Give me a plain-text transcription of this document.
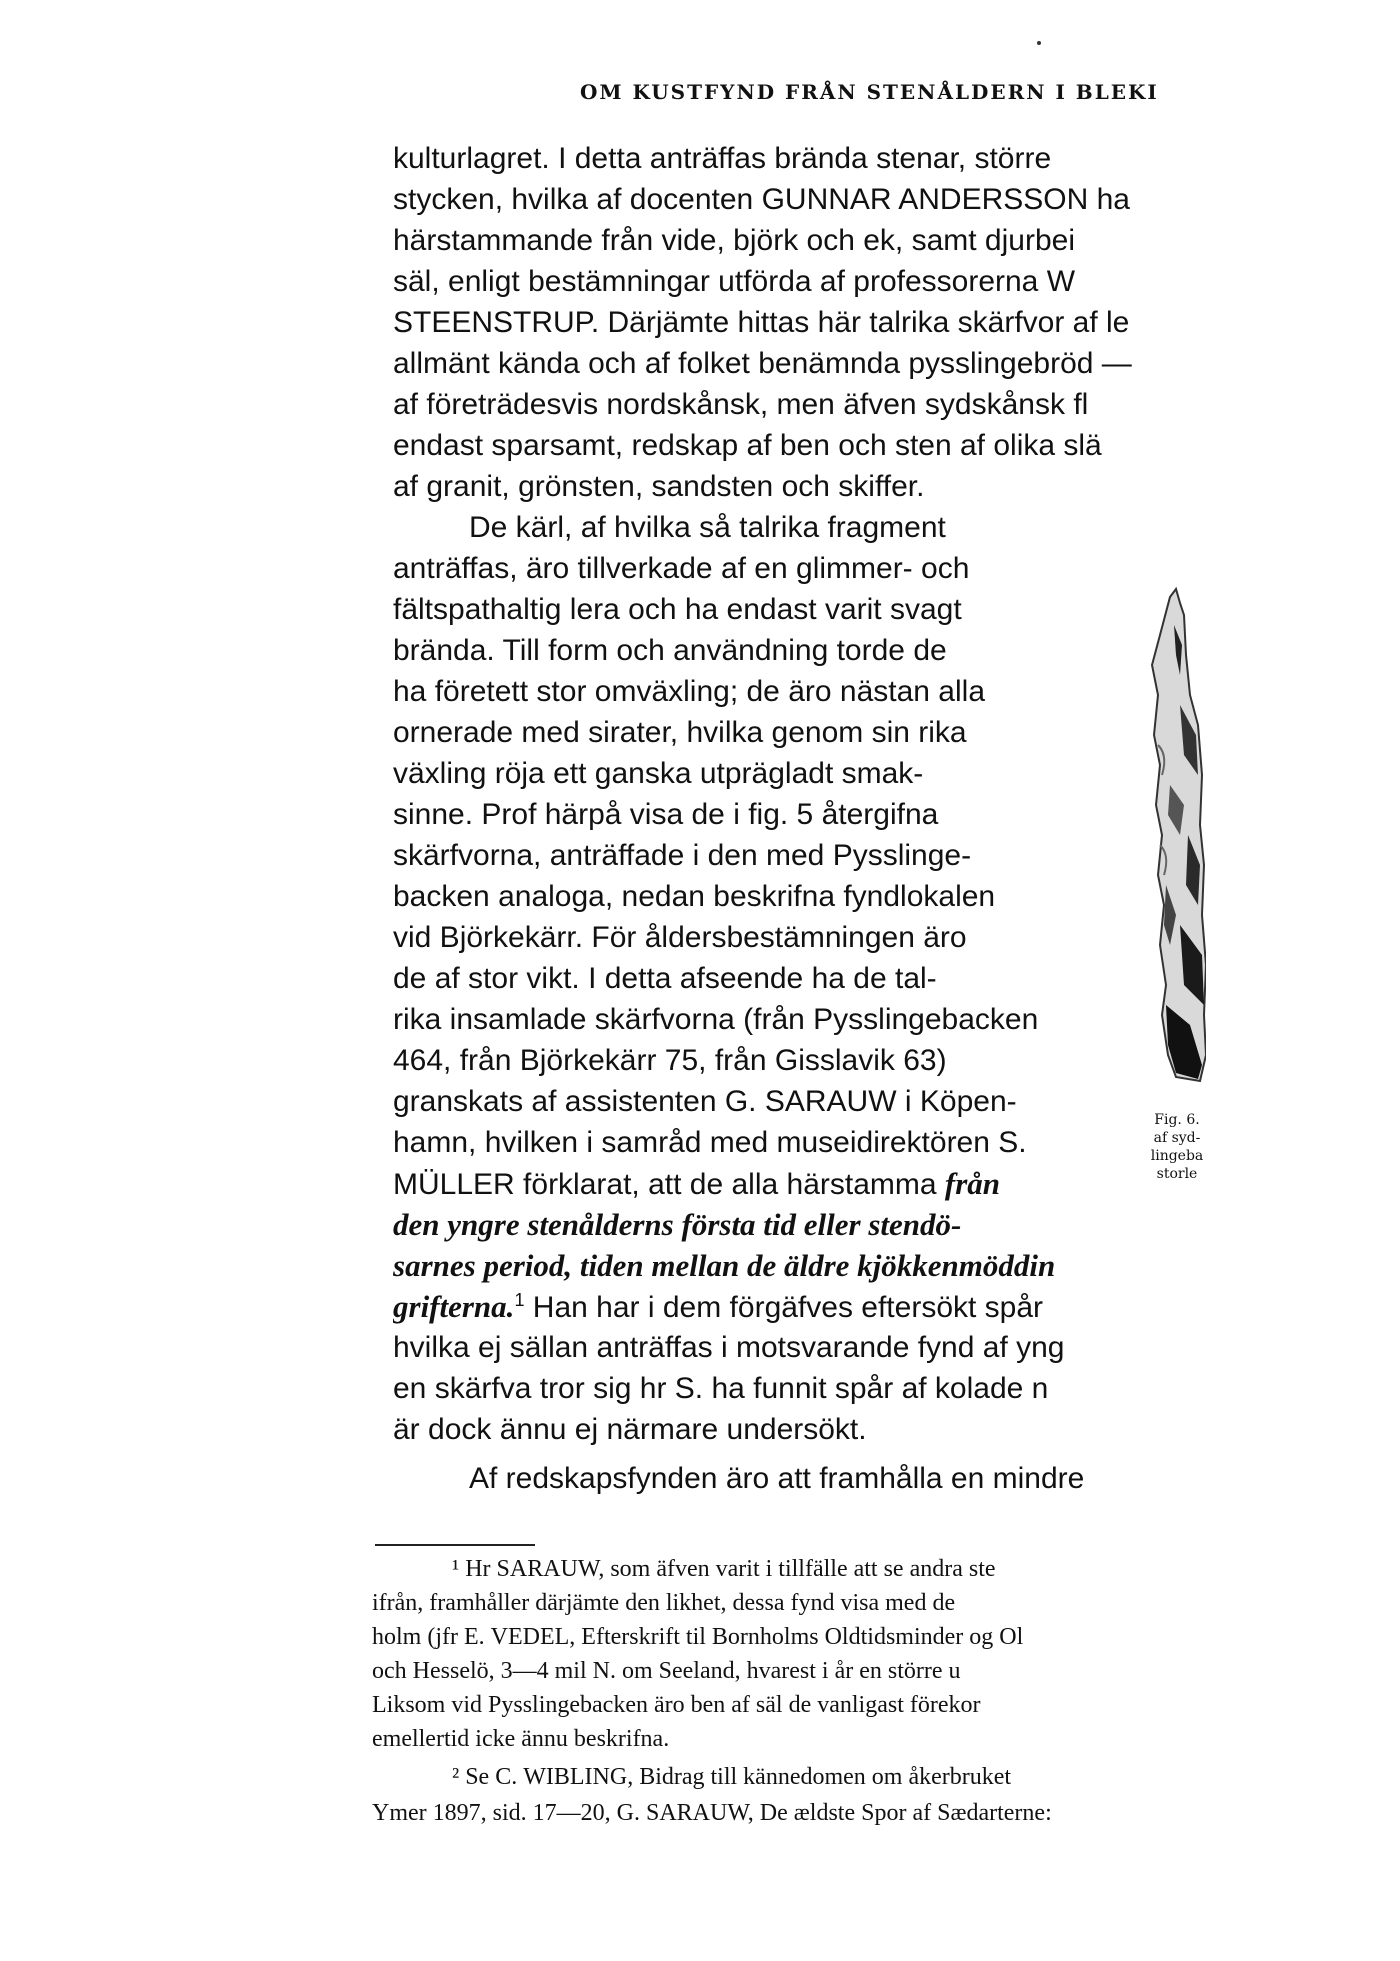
OM KUSTFYND FRÅN STENÅLDERN I BLEKI
kulturlagret. I detta anträffas brända stenar, större
stycken, hvilka af docenten GUNNAR ANDERSSON ha
härstammande från vide, björk och ek, samt djurbei
säl, enligt bestämningar utförda af professorerna W
STEENSTRUP. Därjämte hittas här talrika skärfvor af le
allmänt kända och af folket benämnda pysslingebröd —
af företrädesvis nordskånsk, men äfven sydskånsk fl
endast sparsamt, redskap af ben och sten af olika slä
af granit, grönsten, sandsten och skiffer.
De kärl, af hvilka så talrika fragment
anträffas, äro tillverkade af en glimmer- och
fältspathaltig lera och ha endast varit svagt
brända. Till form och användning torde de
ha företett stor omväxling; de äro nästan alla
ornerade med sirater, hvilka genom sin rika
växling röja ett ganska utprägladt smak-
sinne. Prof härpå visa de i fig. 5 återgifna
skärfvorna, anträffade i den med Pysslinge-
backen analoga, nedan beskrifna fyndlokalen
vid Björkekärr. För åldersbestämningen äro
de af stor vikt. I detta afseende ha de tal-
rika insamlade skärfvorna (från Pysslingebacken
464, från Björkekärr 75, från Gisslavik 63)
granskats af assistenten G. SARAUW i Köpen-
hamn, hvilken i samråd med museidirektören S.
MÜLLER förklarat, att de alla härstamma från
den yngre stenålderns första tid eller stendö-
sarnes period, tiden mellan de äldre kjökkenmöddin
grifterna.$^1$ Han har i dem förgäfves eftersökt spår
hvilka ej sällan anträffas i motsvarande fynd af yng
en skärfva tror sig hr S. ha funnit spår af kolade n
är dock ännu ej närmare undersökt.
Af redskapsfynden äro att framhålla en mindre
Fig. 6.
af syd-
lingeba
storle
¹ Hr SARAUW, som äfven varit i tillfälle att se andra ste
ifrån, framhåller därjämte den likhet, dessa fynd visa med de
holm (jfr E. VEDEL, Efterskrift til Bornholms Oldtidsminder og Ol
och Hesselö, 3—4 mil N. om Seeland, hvarest i år en större u
Liksom vid Pysslingebacken äro ben af säl de vanligast förekor
emellertid icke ännu beskrifna.
² Se C. WIBLING, Bidrag till kännedomen om åkerbruket
Ymer 1897, sid. 17—20, G. SARAUW, De ældste Spor af Sædarterne:
